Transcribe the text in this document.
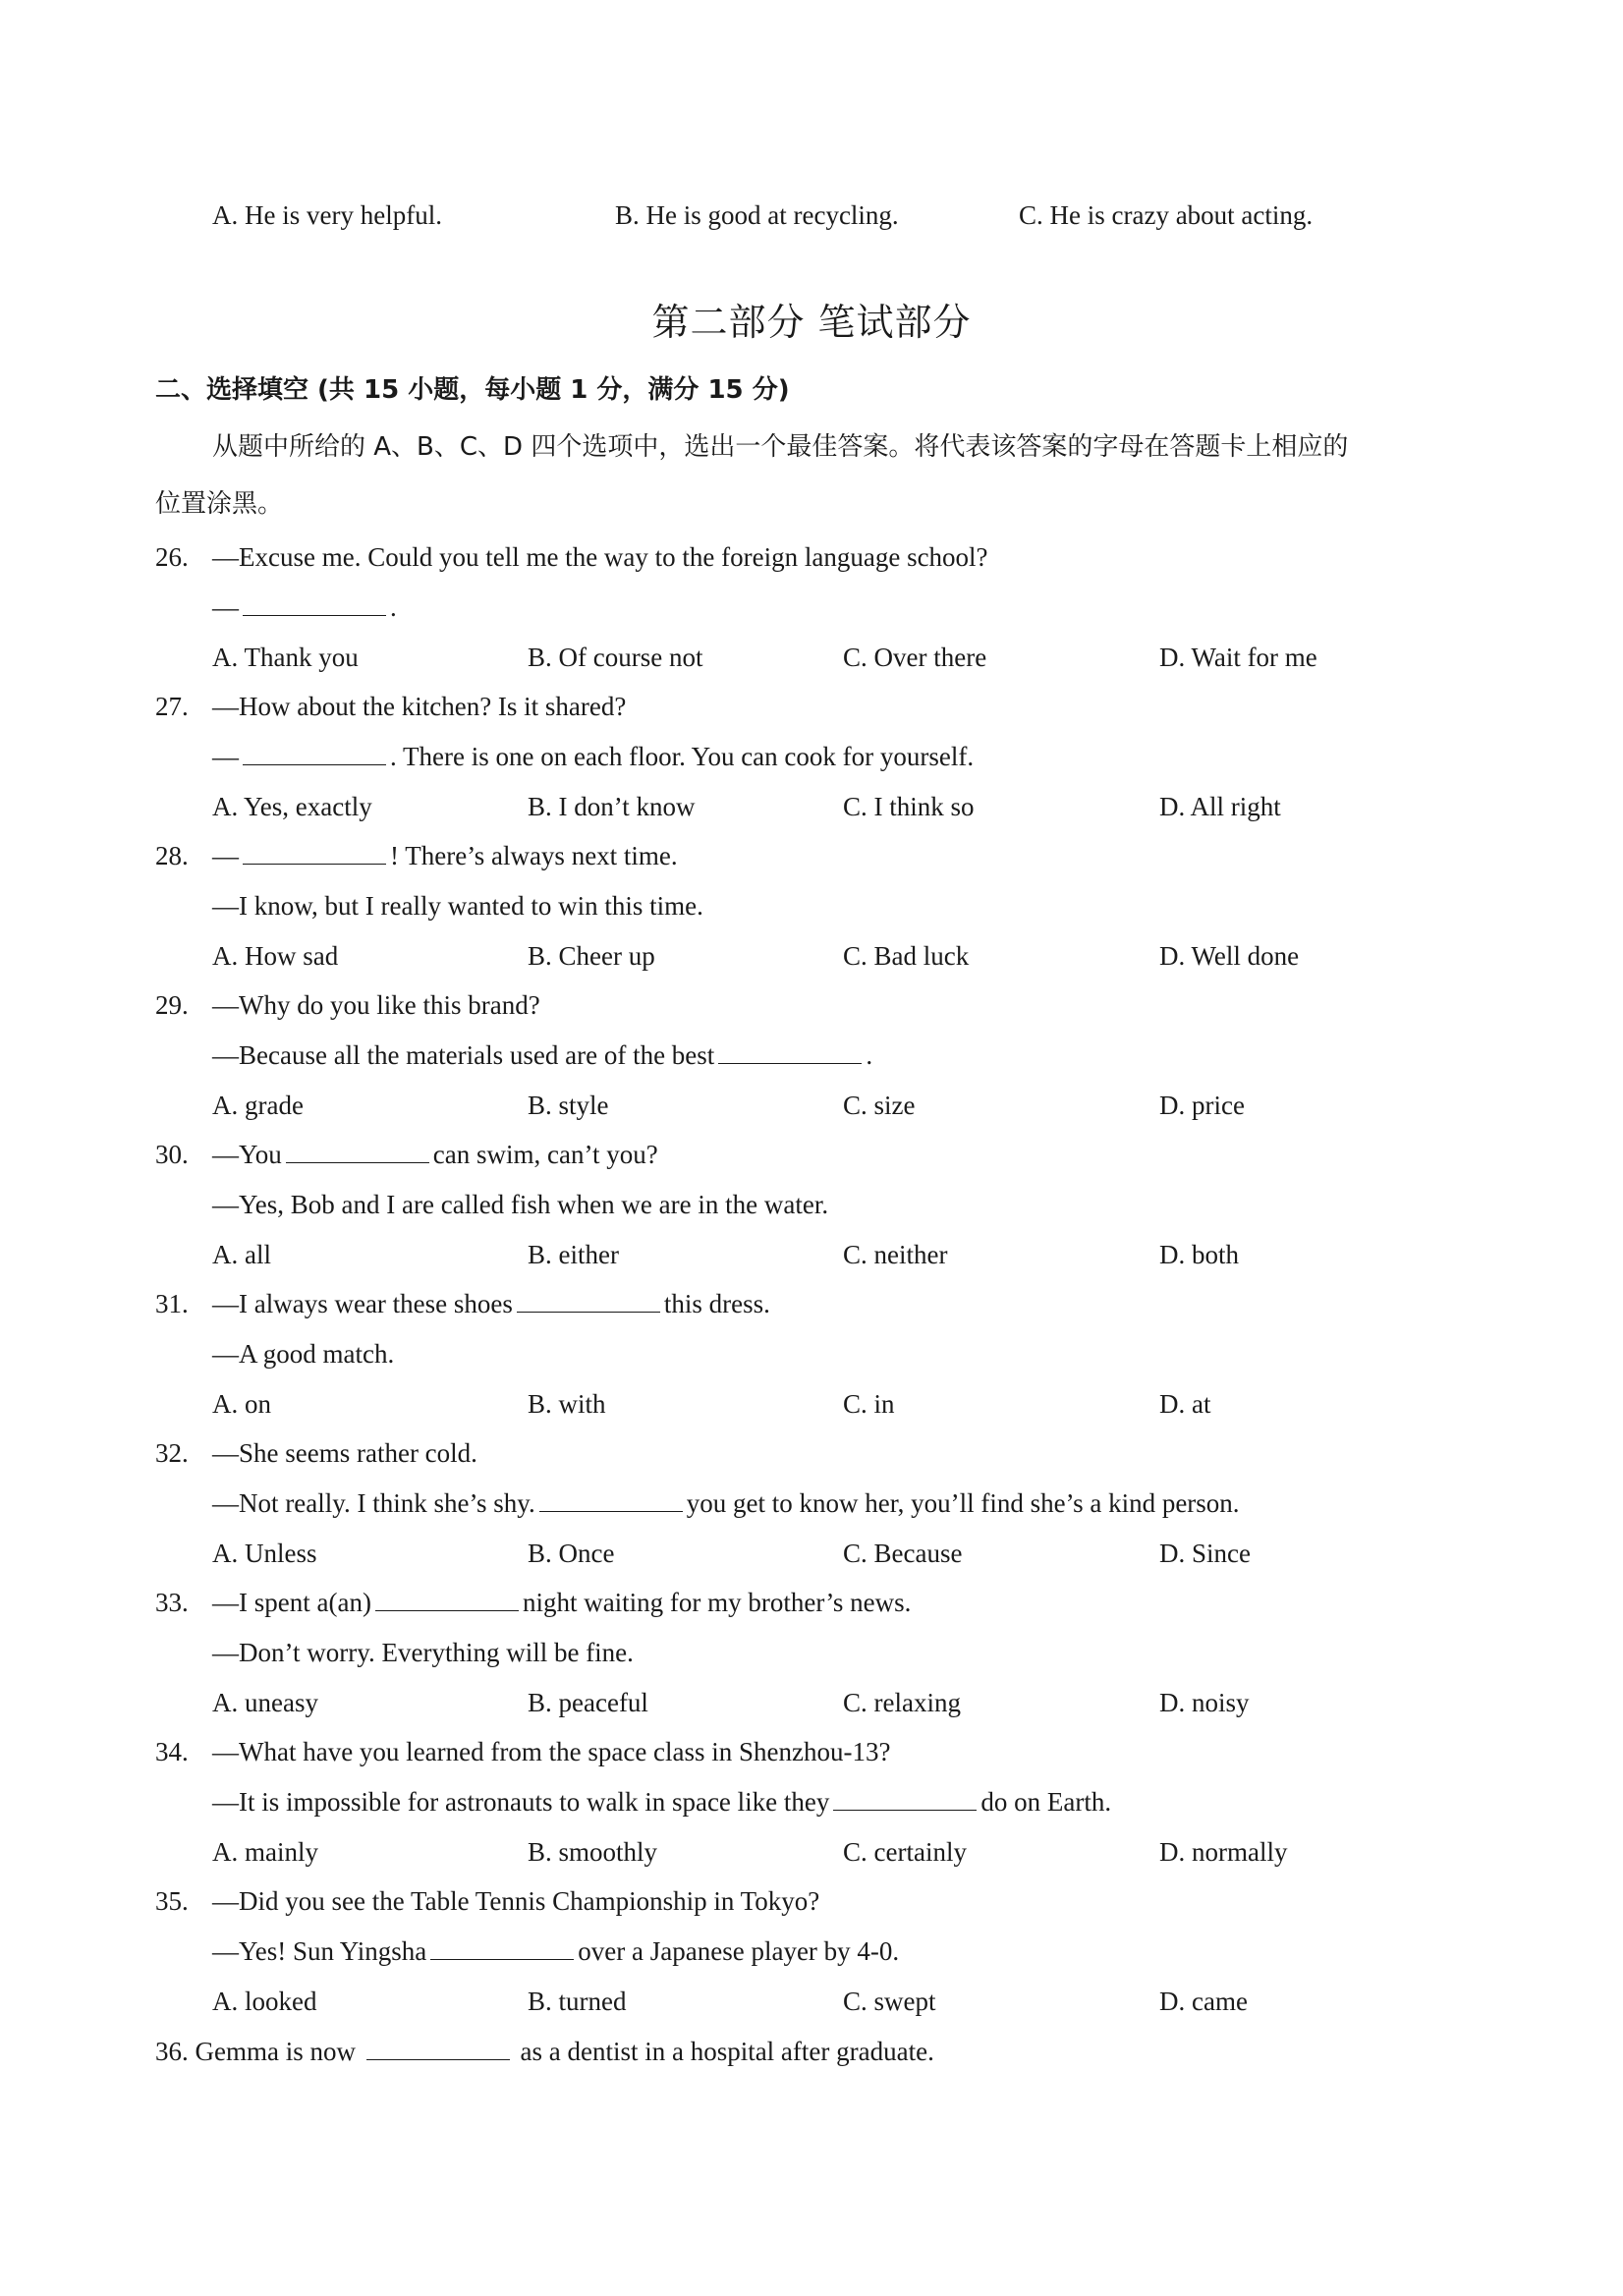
A. He is very helpful.	B. He is good at recycling.	C. He is crazy about acting.
第二部分 笔试部分
二、选择填空 (共 15 小题，每小题 1 分，满分 15 分)
从题中所给的 A、B、C、D 四个选项中，选出一个最佳答案。将代表该答案的字母在答题卡上相应的
位置涂黑。
26. —Excuse me. Could you tell me the way to the foreign language school?
—	.
A. Thank you	B. Of course not	C. Over there	D. Wait for me
27. —How about the kitchen? Is it shared?
—	. There is one on each floor. You can cook for yourself.
A. Yes, exactly	B. I don’t know	C. I think so	D. All right
28. —	! There’s always next time.
—I know, but I really wanted to win this time.
A. How sad	B. Cheer up	C. Bad luck	D. Well done
29. —Why do you like this brand?
—Because all the materials used are of the best	.
A. grade	B. style	C. size	D. price
30. —You	can swim, can’t you?
—Yes, Bob and I are called fish when we are in the water.
A. all	B. either	C. neither	D. both
31. —I always wear these shoes	this dress.
—A good match.
A. on	B. with	C. in	D. at
32. —She seems rather cold.
—Not really. I think she’s shy.	you get to know her, you’ll find she’s a kind person.
A. Unless	B. Once	C. Because	D. Since
33. —I spent a(an)	night waiting for my brother’s news.
—Don’t worry. Everything will be fine.
A. uneasy	B. peaceful	C. relaxing	D. noisy
34. —What have you learned from the space class in Shenzhou-13?
—It is impossible for astronauts to walk in space like they	do on Earth.
A. mainly	B. smoothly	C. certainly	D. normally
35. —Did you see the Table Tennis Championship in Tokyo?
—Yes! Sun Yingsha	over a Japanese player by 4-0.
A. looked	B. turned	C. swept	D. came
36. Gemma is now	as a dentist in a hospital after graduate.
